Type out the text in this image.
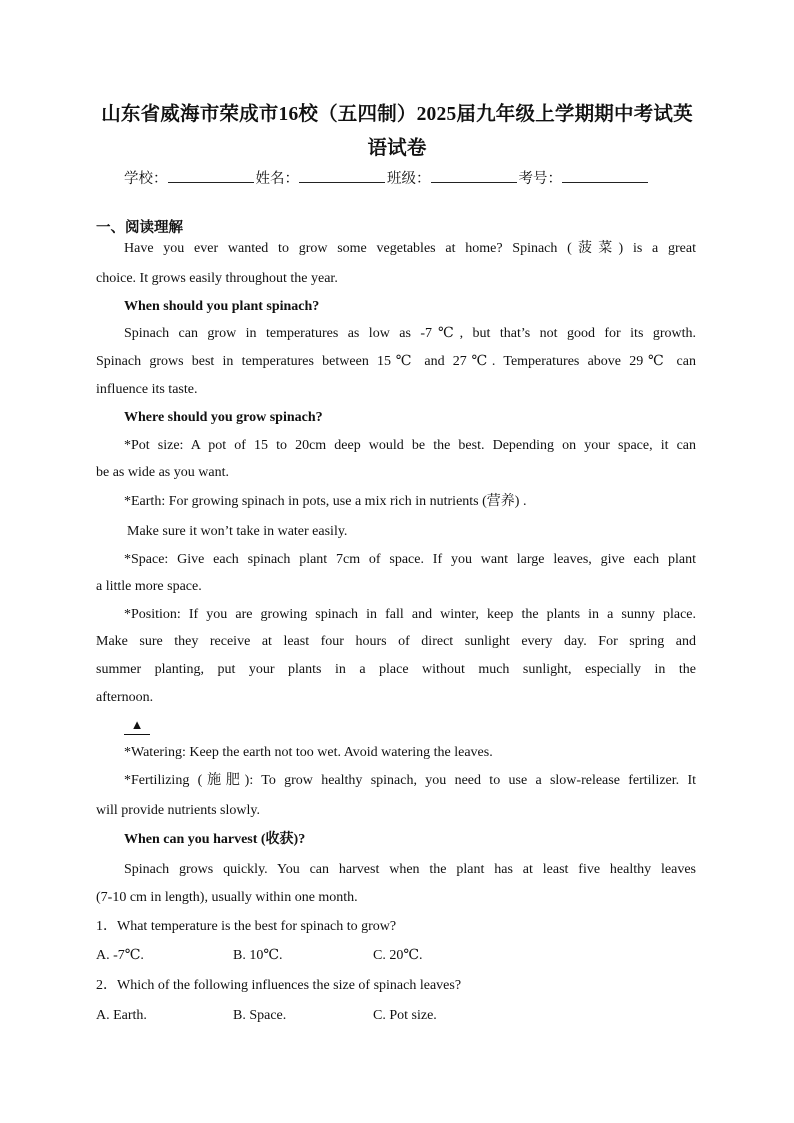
山东省威海市荣成市16校（五四制）2025届九年级上学期期中考试英
语试卷
学校：	姓名：	班级：	考号：
一、阅读理解
Have you ever wanted to grow some vegetables at home? Spinach (菠菜) is a great
choice. It grows easily throughout the year.
When should you plant spinach?
Spinach can grow in temperatures as low as -7℃, but that’s not good for its growth.
Spinach grows best in temperatures between 15℃ and 27℃. Temperatures above 29℃ can
influence its taste.
Where should you grow spinach?
*Pot size: A pot of 15 to 20cm deep would be the best. Depending on your space, it can
be as wide as you want.
*Earth: For growing spinach in pots, use a mix rich in nutrients (营养) .
Make sure it won’t take in water easily.
*Space: Give each spinach plant 7cm of space. If you want large leaves, give each plant
a little more space.
*Position: If you are growing spinach in fall and winter, keep the plants in a sunny place.
Make sure they receive at least four hours of direct sunlight every day. For spring and
summer planting, put your plants in a place without much sunlight, especially in the
afternoon.
▲
*Watering: Keep the earth not too wet. Avoid watering the leaves.
*Fertilizing (施肥): To grow healthy spinach, you need to use a slow-release fertilizer. It
will provide nutrients slowly.
When can you harvest (收获)?
Spinach grows quickly. You can harvest when the plant has at least five healthy leaves
(7-10 cm in length), usually within one month.
1．What temperature is the best for spinach to grow?
A. -7℃.	B. 10℃.	C. 20℃.
2．Which of the following influences the size of spinach leaves?
A. Earth.	B. Space.	C. Pot size.
